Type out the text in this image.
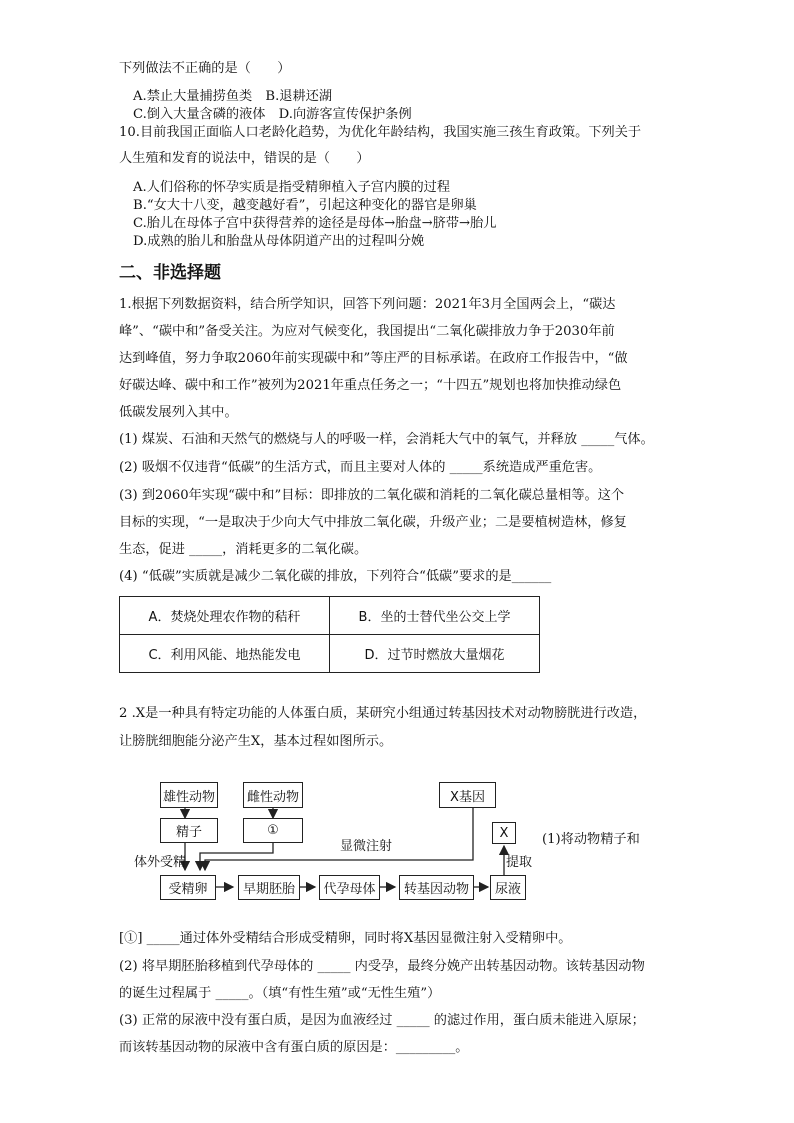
下列做法不正确的是（　　）
A.禁止大量捕捞鱼类　B.退耕还湖
C.倒入大量含磷的液体　D.向游客宣传保护条例
10.目前我国正面临人口老龄化趋势，为优化年龄结构，我国实施三孩生育政策。下列关于
人生殖和发育的说法中，错误的是（　　）
A.人们俗称的怀孕实质是指受精卵植入子宫内膜的过程
B.“女大十八变，越变越好看”，引起这种变化的器官是卵巢
C.胎儿在母体子宫中获得营养的途径是母体→胎盘→脐带→胎儿
D.成熟的胎儿和胎盘从母体阴道产出的过程叫分娩
二、非选择题
1.根据下列数据资料，结合所学知识，回答下列问题：2021年3月全国两会上，“碳达
峰”、“碳中和”备受关注。为应对气候变化，我国提出“二氧化碳排放力争于2030年前
达到峰值，努力争取2060年前实现碳中和”等庄严的目标承诺。在政府工作报告中，“做
好碳达峰、碳中和工作”被列为2021年重点任务之一；“十四五”规划也将加快推动绿色
低碳发展列入其中。
(1) 煤炭、石油和天然气的燃烧与人的呼吸一样，会消耗大气中的氧气，并释放 _____气体。
(2) 吸烟不仅违背“低碳”的生活方式，而且主要对人体的 _____系统造成严重危害。
(3) 到2060年实现“碳中和”目标：即排放的二氧化碳和消耗的二氧化碳总量相等。这个
目标的实现，“一是取决于少向大气中排放二氧化碳，升级产业；二是要植树造林，修复
生态，促进 _____，消耗更多的二氧化碳。
(4) “低碳”实质就是减少二氧化碳的排放，下列符合“低碳”要求的是______
A．焚烧处理农作物的秸秆	B．坐的士替代坐公交上学
C．利用风能、地热能发电	D．过节时燃放大量烟花
2 .X是一种具有特定功能的人体蛋白质，某研究小组通过转基因技术对动物膀胱进行改造，
让膀胱细胞能分泌产生X，基本过程如图所示。
雄性动物	雌性动物
精子	①
X基因
X
受精卵	早期胚胎	代孕母体	转基因动物	尿液
显微注射
体外受精	提取
(1)将动物精子和
[①] _____通过体外受精结合形成受精卵，同时将X基因显微注射入受精卵中。
(2) 将早期胚胎移植到代孕母体的 _____ 内受孕，最终分娩产出转基因动物。该转基因动物
的诞生过程属于 _____。（填“有性生殖”或“无性生殖”）
(3) 正常的尿液中没有蛋白质，是因为血液经过 _____ 的滤过作用，蛋白质未能进入原尿；
而该转基因动物的尿液中含有蛋白质的原因是：_________。
